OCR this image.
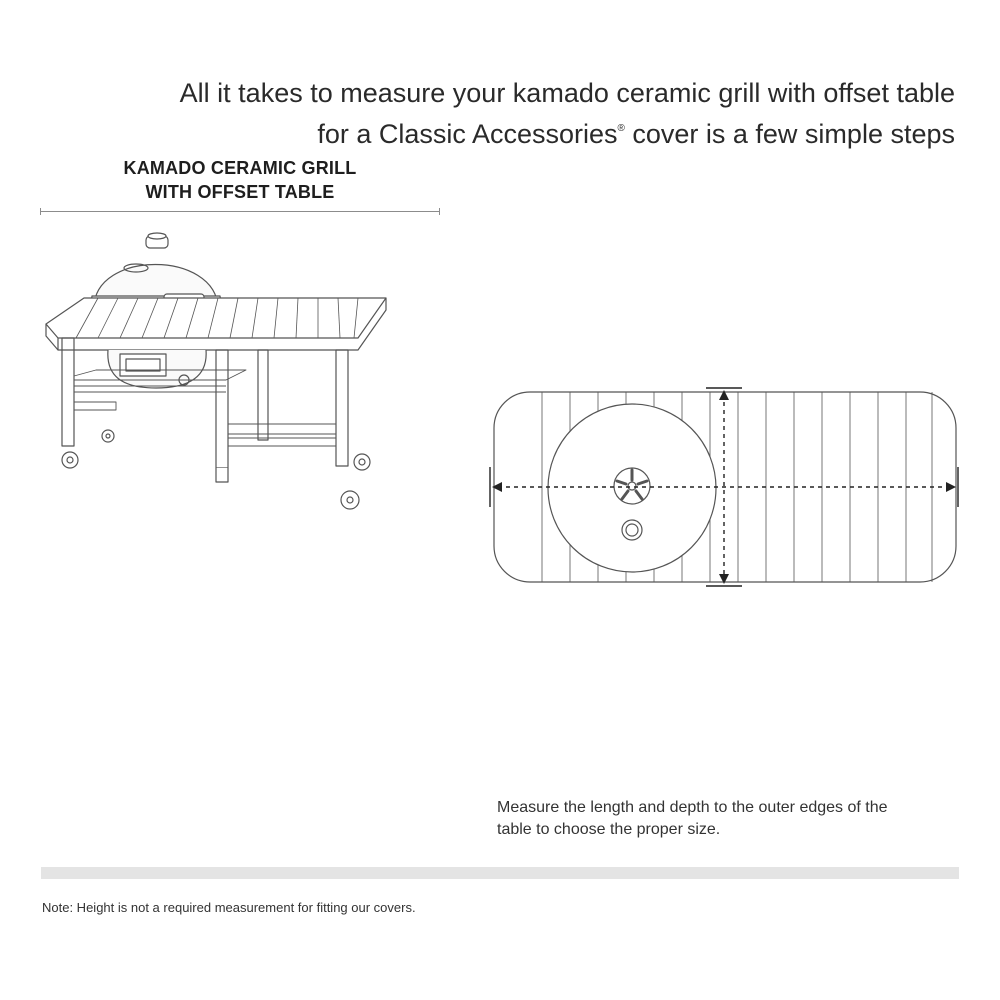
All it takes to measure your kamado ceramic grill with offset table
for a Classic Accessories® cover is a few simple steps
KAMADO CERAMIC GRILL
WITH OFFSET TABLE
Measure the length and depth to the outer edges of the
table to choose the proper size.
Note: Height is not a required measurement for fitting our covers.
